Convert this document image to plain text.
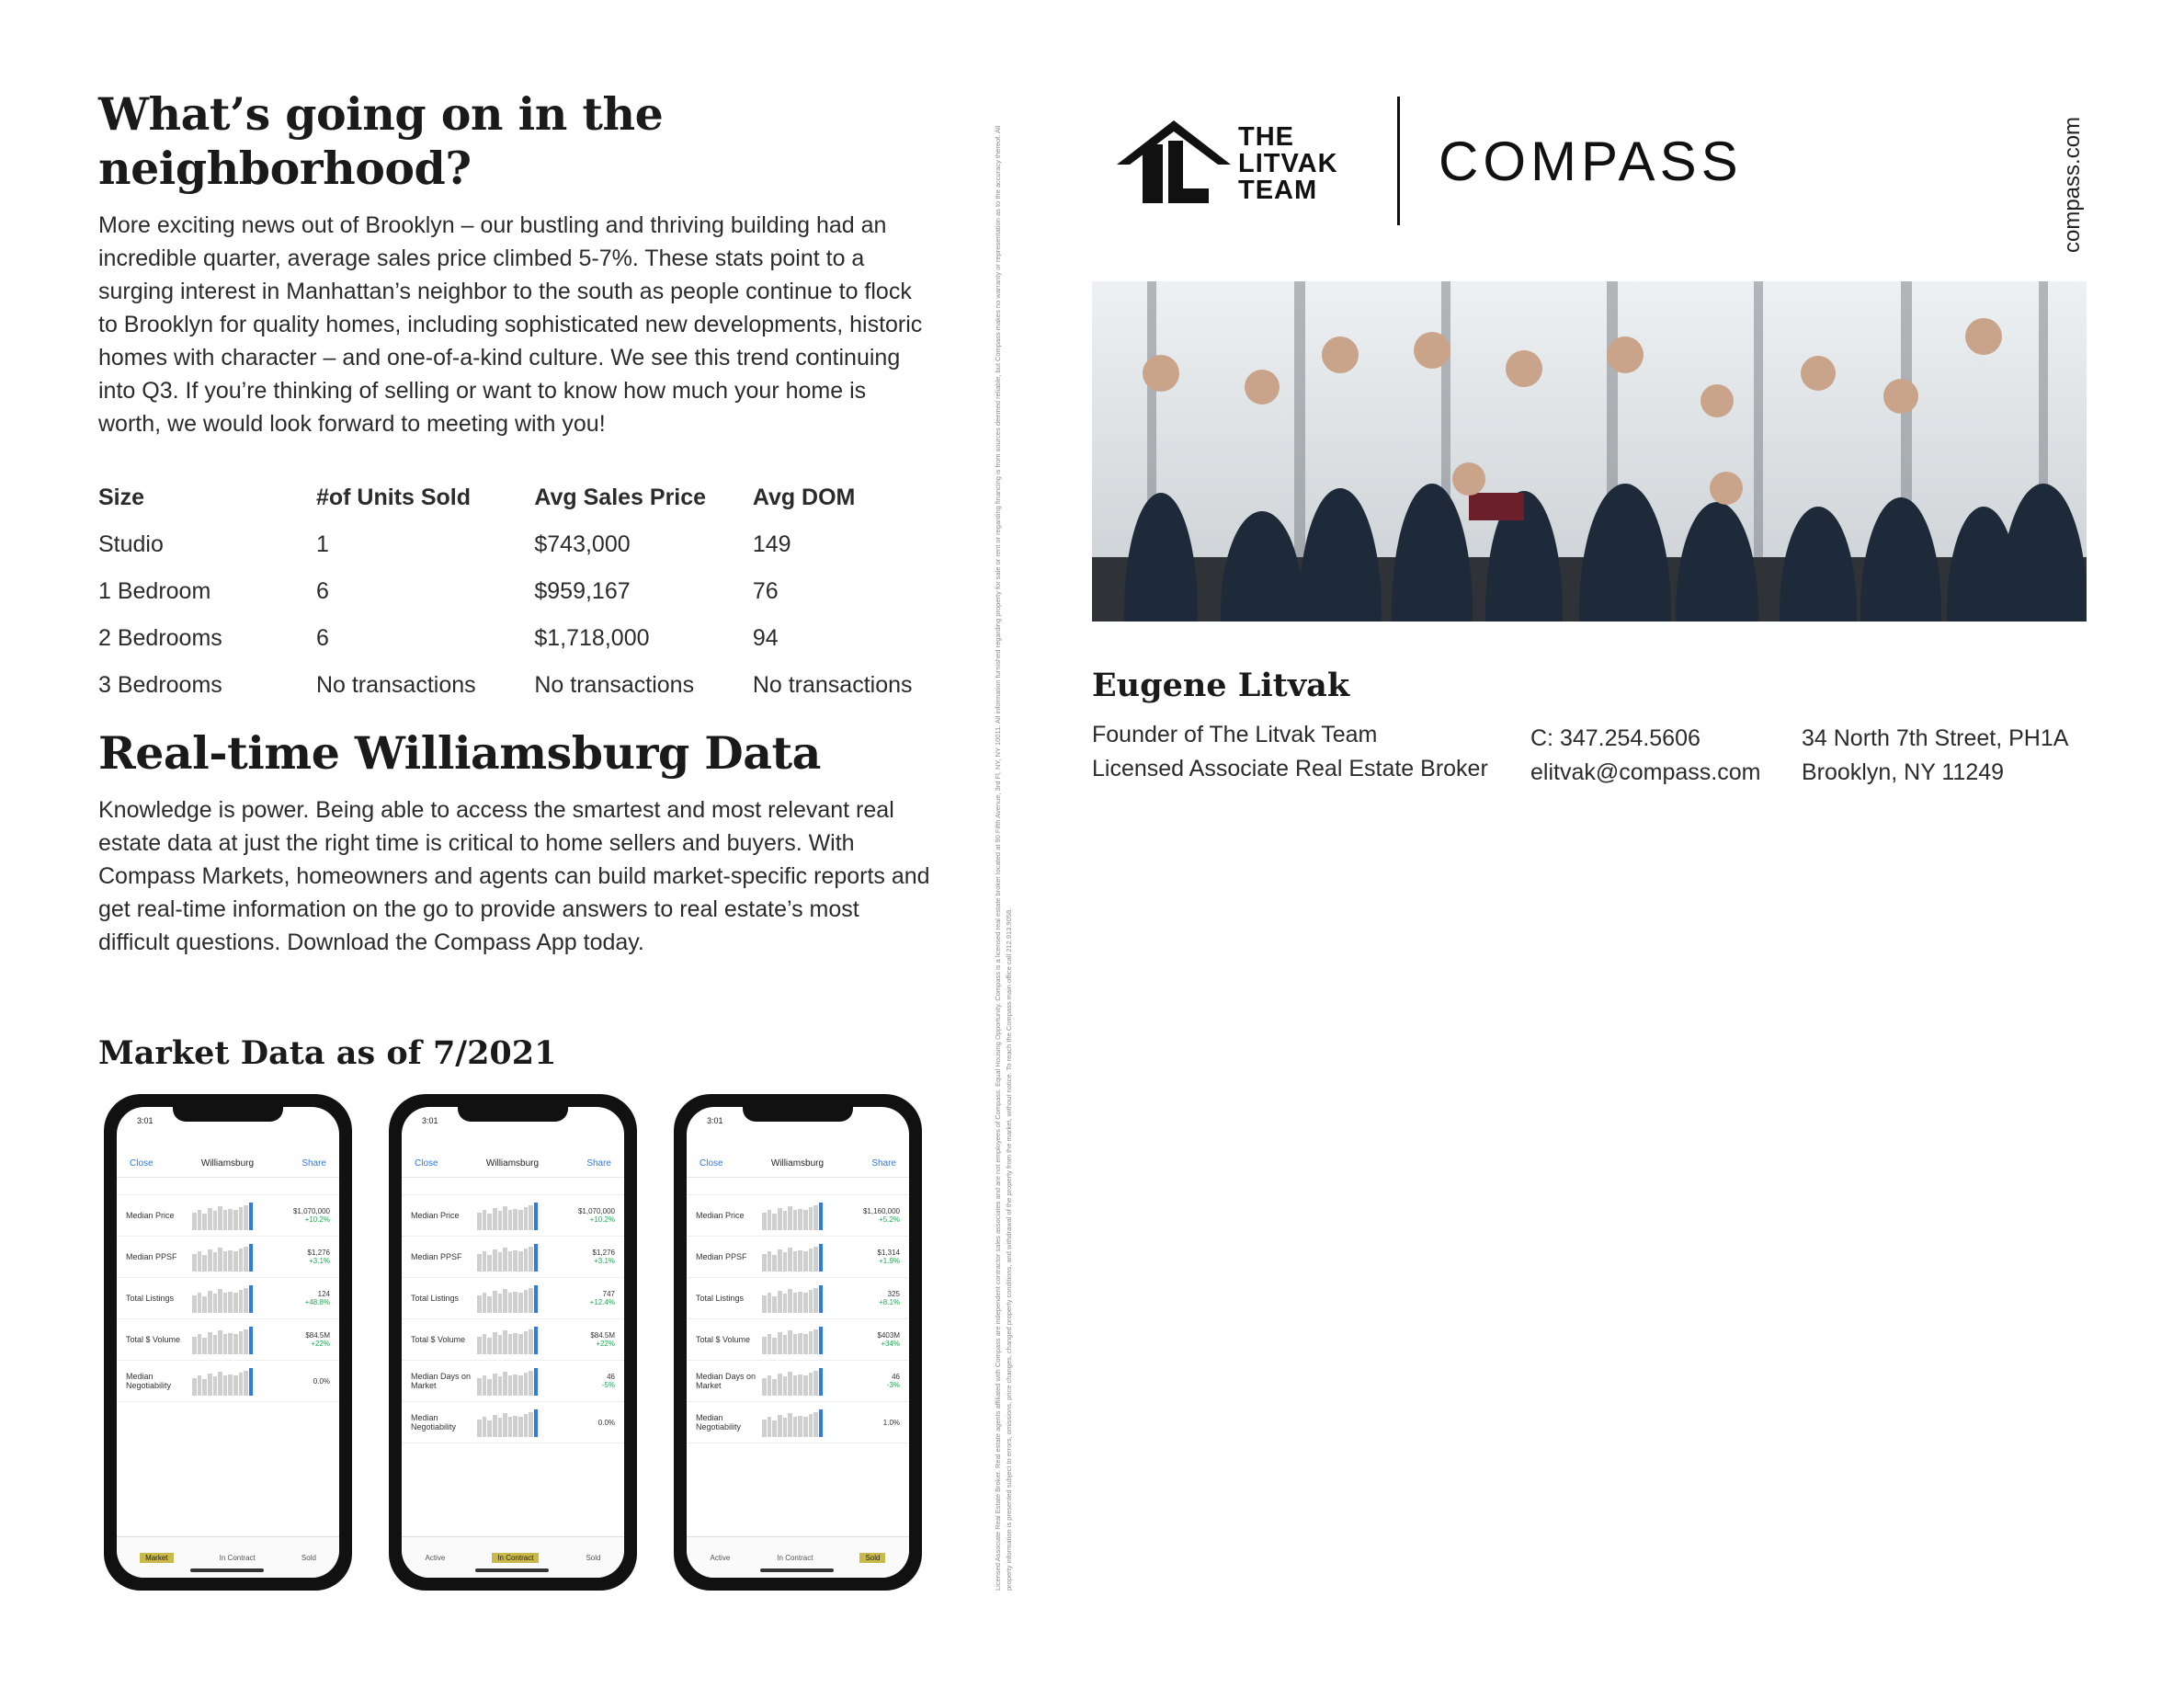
What’s going on in the neighborhood?

More exciting news out of Brooklyn – our bustling and thriving building had an incredible quarter, average sales price climbed 5-7%. These stats point to a surging interest in Manhattan’s neighbor to the south as people continue to flock to Brooklyn for quality homes, including sophisticated new developments, historic homes with character – and one-of-a-kind culture. We see this trend continuing into Q3. If you’re thinking of selling or want to know how much your home is worth, we would look forward to meeting with you!

Size	#of Units Sold	Avg Sales Price	Avg DOM
Studio	1	$743,000	149
1 Bedroom	6	$959,167	76
2 Bedrooms	6	$1,718,000	94
3 Bedrooms	No transactions	No transactions	No transactions
Real-time Williamsburg Data

Knowledge is power. Being able to access the smartest and most relevant real estate data at just the right time is critical to home sellers and buyers. With Compass Markets, homeowners and agents can build market-specific reports and get real-time information on the go to provide answers to real estate’s most difficult questions. Download the Compass App today.

Market Data as of 7/2021
3:01
Close	Williamsburg	Share
Median Price	$1,070,000
+10.2%
Median PPSF	$1,276
+3.1%
Total Listings	124
+48.8%
Total $ Volume	$84.5M
+22%
Median Negotiability	0.0%
Market	In Contract	Sold
3:01
Close	Williamsburg	Share
Median Price	$1,070,000
+10.2%
Median PPSF	$1,276
+3.1%
Total Listings	747
+12.4%
Total $ Volume	$84.5M
+22%
Median Days on Market
46
-5%
Median Negotiability	0.0%
Active	In Contract	Sold
3:01
Close	Williamsburg	Share
Median Price	$1,160,000
+5.2%
Median PPSF	$1,314
+1.9%
Total Listings	325
+8.1%
Total $ Volume	$403M
+34%
Median Days on Market
46
-3%
Median Negotiability	1.0%
Active	In Contract	Sold	Licensed Associate Real Estate Broker. Real estate agents affiliated with Compass are independent contractor sales associates and are not employees of Compass. Equal Housing Opportunity. Compass is a licensed real estate broker located at 90 Fifth Avenue, 3rd Fl, NY, NY 10011. All information furnished regarding property for sale or rent or regarding financing is from sources deemed reliable, but Compass makes no warranty or representation as to the accuracy thereof. All property information is presented subject to errors, omissions, price changes, changed property conditions, and withdrawal of the property from the market, without notice. To reach the Compass main office call 212.913.9058.
THE
LITVAK
TEAM	COMPASS	compass.com
Eugene Litvak
Founder of The Litvak Team
Licensed Associate Real Estate Broker
C: 347.254.5606
elitvak@compass.com
34 North 7th Street, PH1A
Brooklyn, NY 11249
